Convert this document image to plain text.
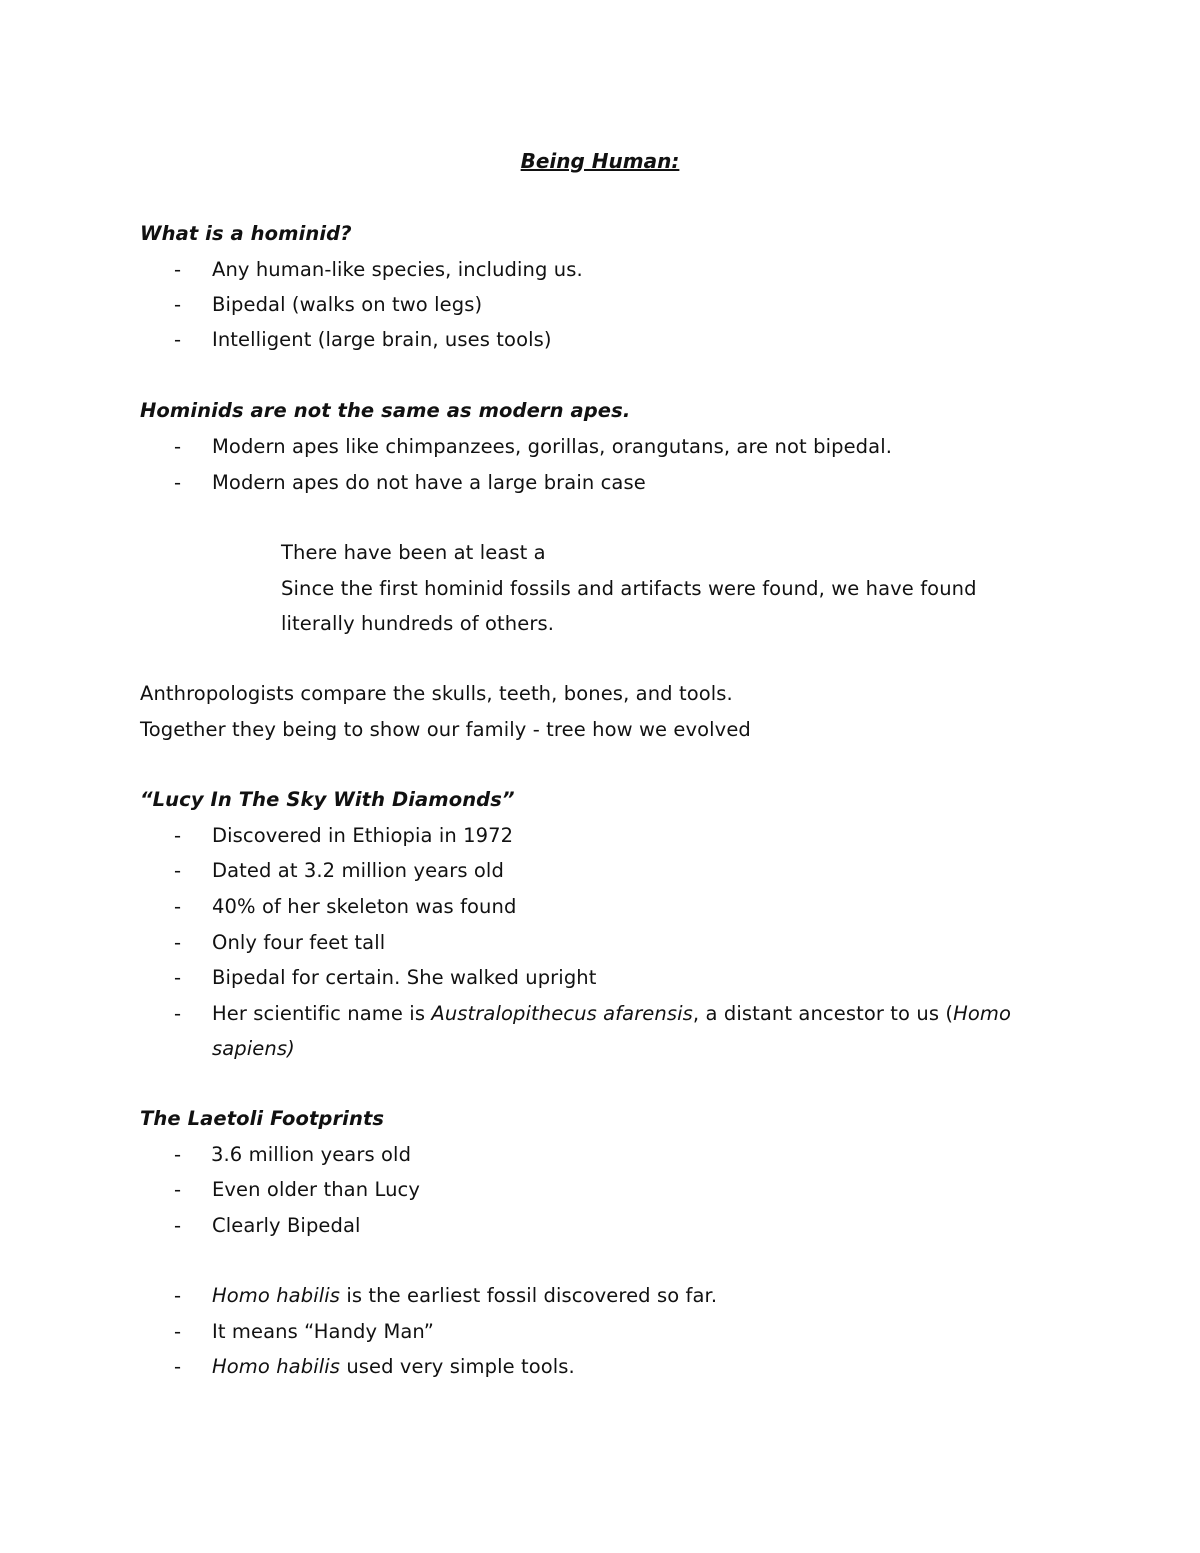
Being Human:
What is a hominid?
- Any human-like species, including us.
- Bipedal (walks on two legs)
- Intelligent (large brain, uses tools)
Hominids are not the same as modern apes.
- Modern apes like chimpanzees, gorillas, orangutans, are not bipedal.
- Modern apes do not have a large brain case
There have been at least a
Since the first hominid fossils and artifacts were found, we have found
literally hundreds of others.
Anthropologists compare the skulls, teeth, bones, and tools.
Together they being to show our family - tree how we evolved
“Lucy In The Sky With Diamonds”
- Discovered in Ethiopia in 1972
- Dated at 3.2 million years old
- 40% of her skeleton was found
- Only four feet tall
- Bipedal for certain. She walked upright
- Her scientific name is Australopithecus afarensis, a distant ancestor to us (Homo
sapiens)
The Laetoli Footprints
- 3.6 million years old
- Even older than Lucy
- Clearly Bipedal
- Homo habilis is the earliest fossil discovered so far.
- It means “Handy Man”
- Homo habilis used very simple tools.
